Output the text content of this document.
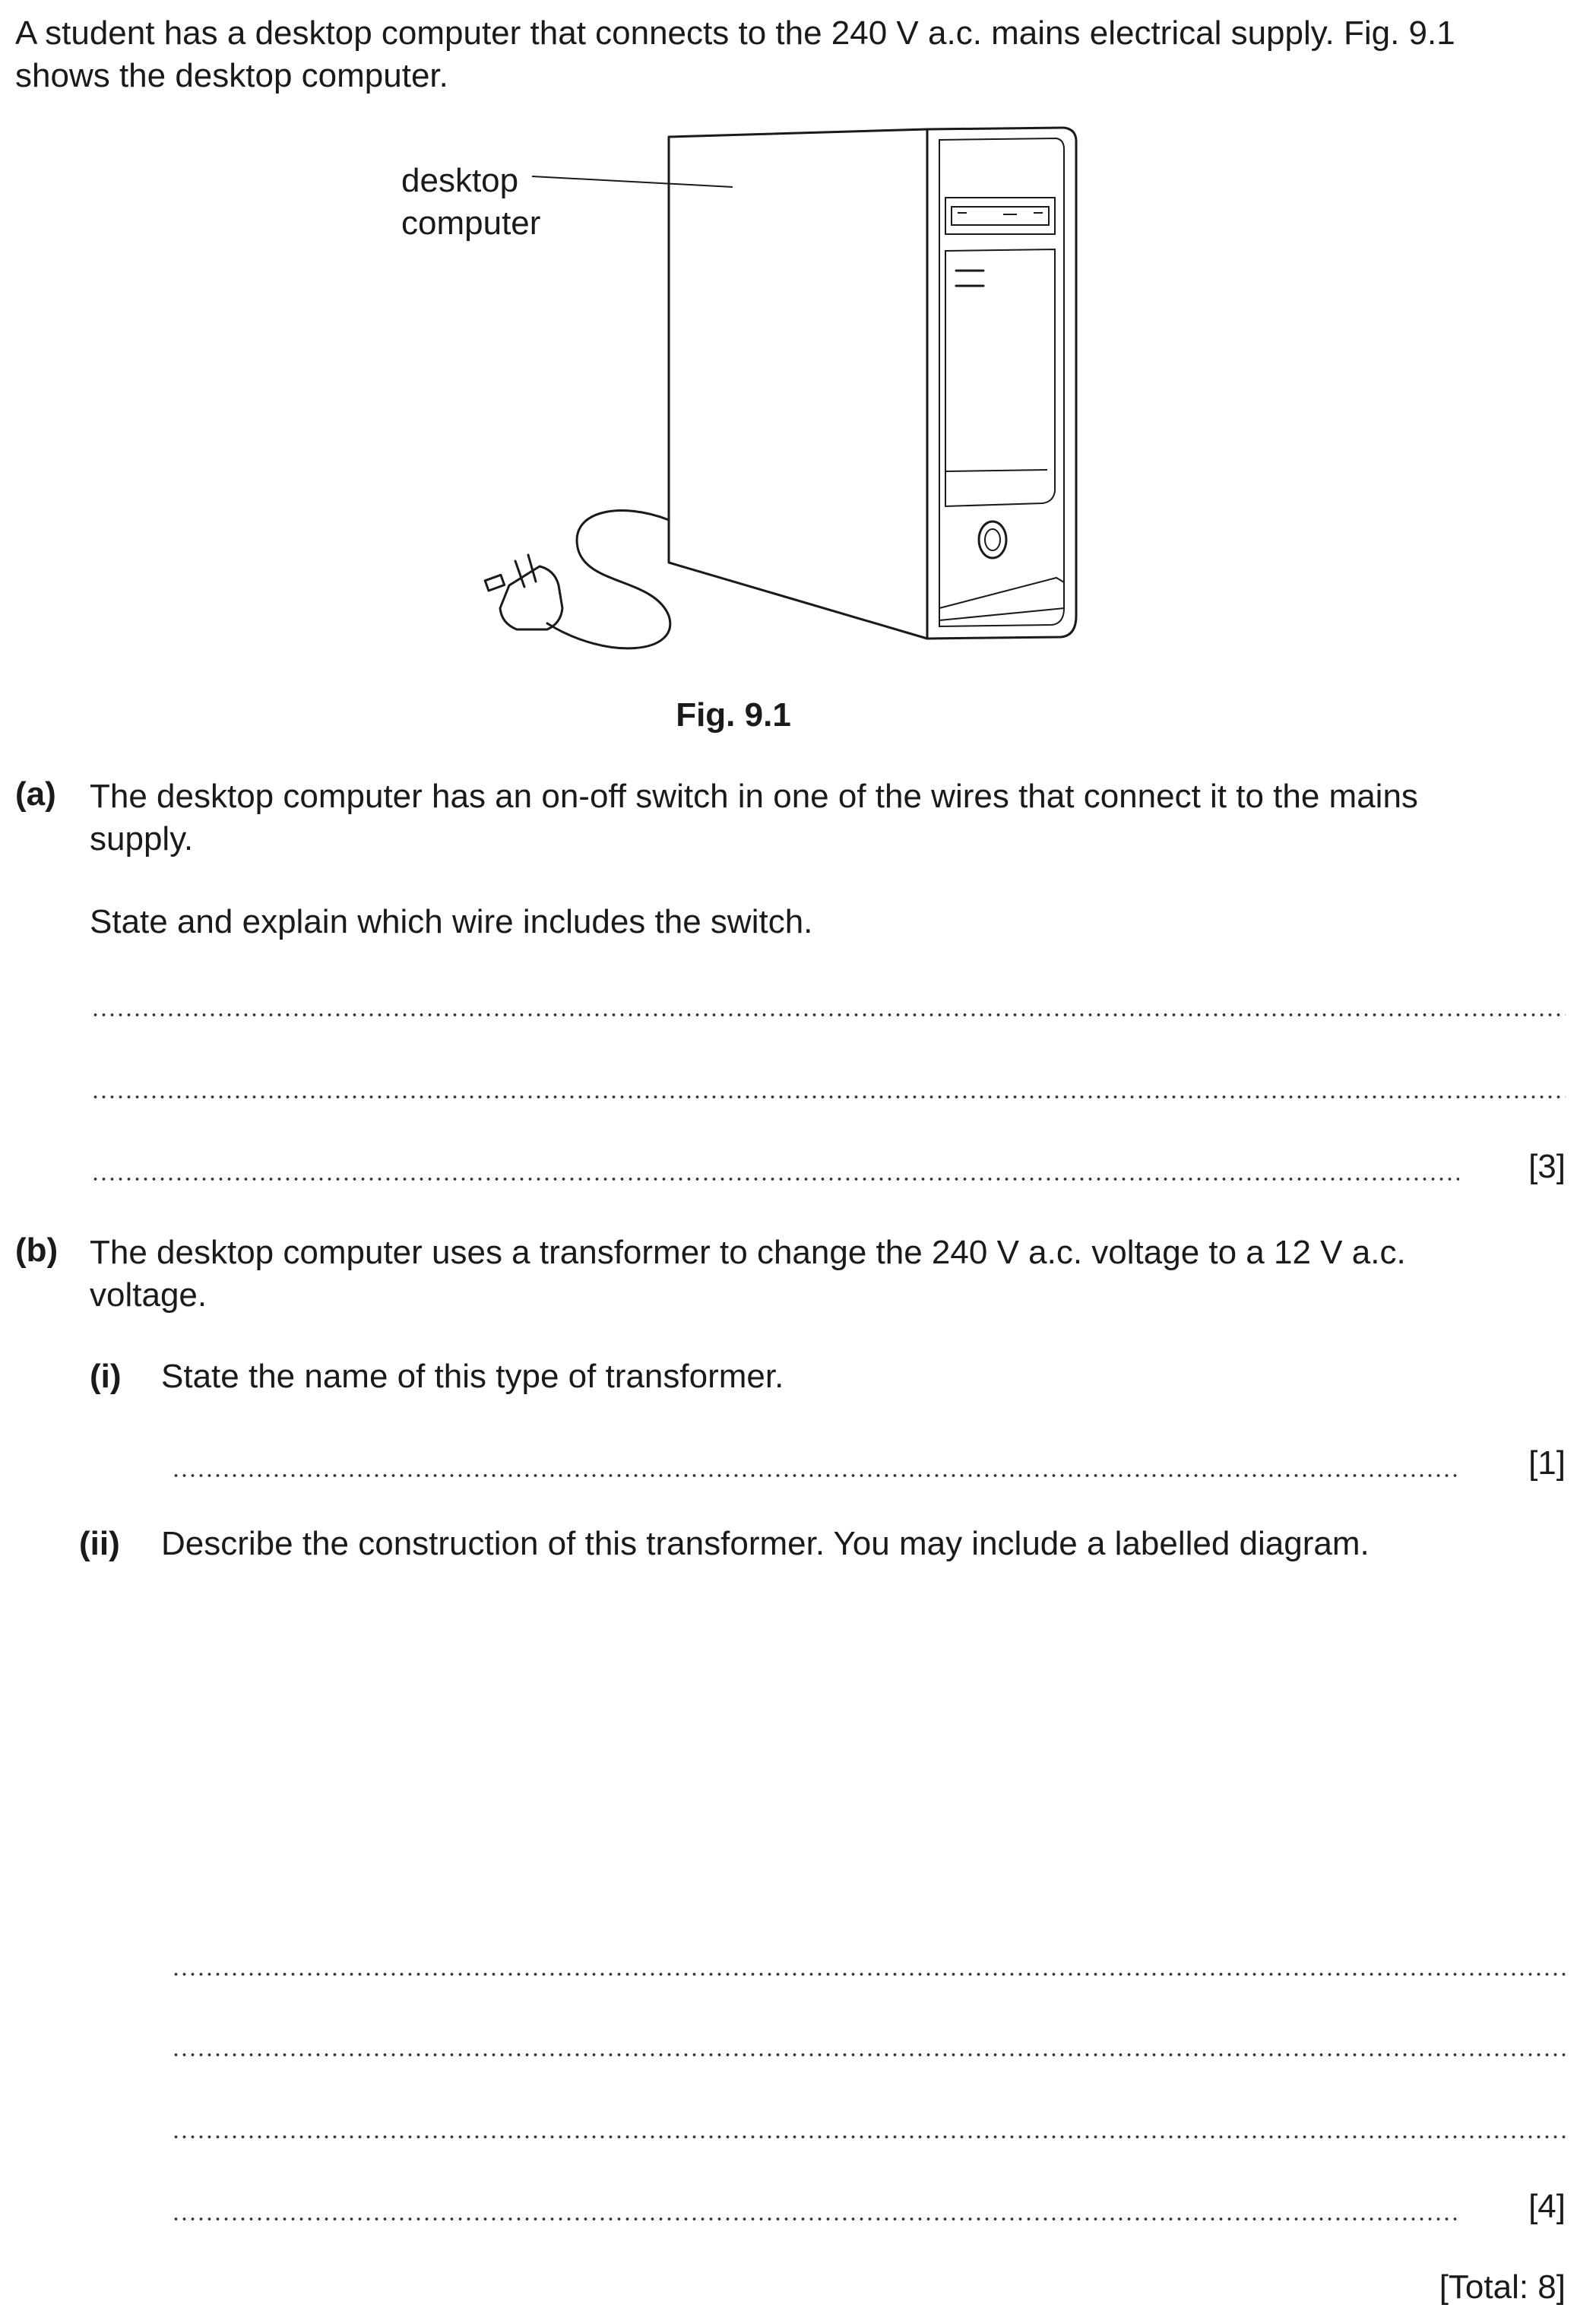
A student has a desktop computer that connects to the 240 V a.c. mains electrical supply. Fig. 9.1
shows the desktop computer.
desktop
computer
Fig. 9.1
(a) The desktop computer has an on-off switch in one of the wires that connect it to the mains
supply.
State and explain which wire includes the switch.
[3]
(b) The desktop computer uses a transformer to change the 240 V a.c. voltage to a 12 V a.c.
voltage.
(i) State the name of this type of transformer.
[1]
(ii) Describe the construction of this transformer. You may include a labelled diagram.
[4]
[Total: 8]
